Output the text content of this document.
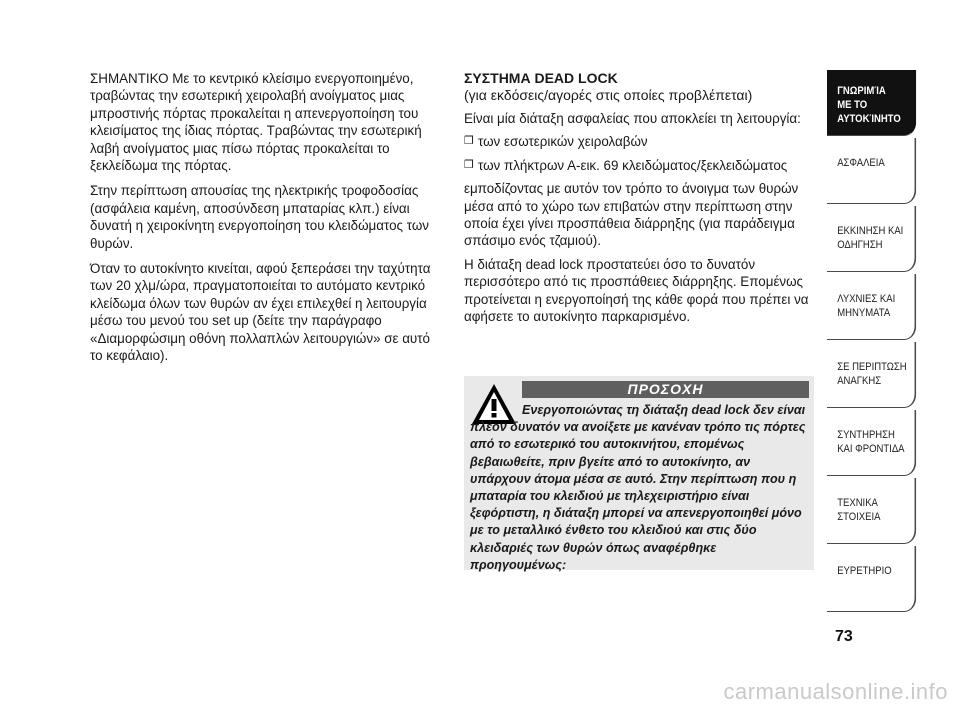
ΣΗΜΑΝΤΙΚΟ Με το κεντρικό κλείσιμο ενεργοποιημένο, τραβώντας την εσωτερική χειρολαβή ανοίγματος μιας μπροστινής πόρτας προκαλείται η απενεργοποίηση του κλεισίματος της ίδιας πόρτας. Τραβώντας την εσωτερική λαβή ανοίγματος μιας πίσω πόρτας προκαλείται το ξεκλείδωμα της πόρτας.

Στην περίπτωση απουσίας της ηλεκτρικής τροφοδοσίας (ασφάλεια καμένη, αποσύνδεση μπαταρίας κλπ.) είναι δυνατή η χειροκίνητη ενεργοποίηση του κλειδώματος των θυρών.

Όταν το αυτοκίνητο κινείται, αφού ξεπεράσει την ταχύτητα των 20 χλμ/ώρα, πραγματοποιείται το αυτόματο κεντρικό κλείδωμα όλων των θυρών αν έχει επιλεχθεί η λειτουργία μέσω του μενού του set up (δείτε την παράγραφο «Διαμορφώσιμη οθόνη πολλαπλών λειτουργιών» σε αυτό το κεφάλαιο).

ΣΥΣΤΗΜΑ DEAD LOCK
(για εκδόσεις/αγορές στις οποίες προβλέπεται)

Είναι μία διάταξη ασφαλείας που αποκλείει τη λειτουργία:

❒ των εσωτερικών χειρολαβών
❒ των πλήκτρων Α-εικ. 69 κλειδώματος/ξεκλειδώματος

εμποδίζοντας με αυτόν τον τρόπο το άνοιγμα των θυρών μέσα από το χώρο των επιβατών στην περίπτωση στην οποία έχει γίνει προσπάθεια διάρρηξης (για παράδειγμα σπάσιμο ενός τζαμιού).

Η διάταξη dead lock προστατεύει όσο το δυνατόν περισσότερο από τις προσπάθειες διάρρηξης. Επομένως προτείνεται η ενεργοποίησή της κάθε φορά που πρέπει να αφήσετε το αυτοκίνητο παρκαρισμένο.

ΠΡΟΣΟΧΗ
Ενεργοποιώντας τη διάταξη dead lock δεν είναι πλέον δυνατόν να ανοίξετε με κανέναν τρόπο τις πόρτες από το εσωτερικό του αυτοκινήτου, επομένως βεβαιωθείτε, πριν βγείτε από το αυτοκίνητο, αν υπάρχουν άτομα μέσα σε αυτό. Στην περίπτωση που η μπαταρία του κλειδιού με τηλεχειριστήριο είναι ξεφόρτιστη, η διάταξη μπορεί να απενεργοποιηθεί μόνο με το μεταλλικό ένθετο του κλειδιού και στις δύο κλειδαριές των θυρών όπως αναφέρθηκε προηγουμένως:
ΓΝΩΡΙΜΊΑ
ΜΕ ΤΟ
ΑΥΤΟΚΊΝΗΤΟ
ΑΣΦΑΛΕΙΑ
ΕΚΚΙΝΗΣΗ ΚΑΙ
ΟΔΗΓΗΣΗ
ΛΥΧΝΙΕΣ ΚΑΙ
ΜΗΝΥΜΑΤΑ
ΣΕ ΠΕΡΙΠΤΩΣΗ
ΑΝΑΓΚΗΣ
ΣΥΝΤΗΡΗΣΗ
ΚΑΙ ΦΡΟΝΤΙΔΑ
ΤΕΧΝΙΚΑ
ΣΤΟΙΧΕΙΑ
ΕΥΡΕΤΗΡΙΟ
73
carmanualsonline.info
